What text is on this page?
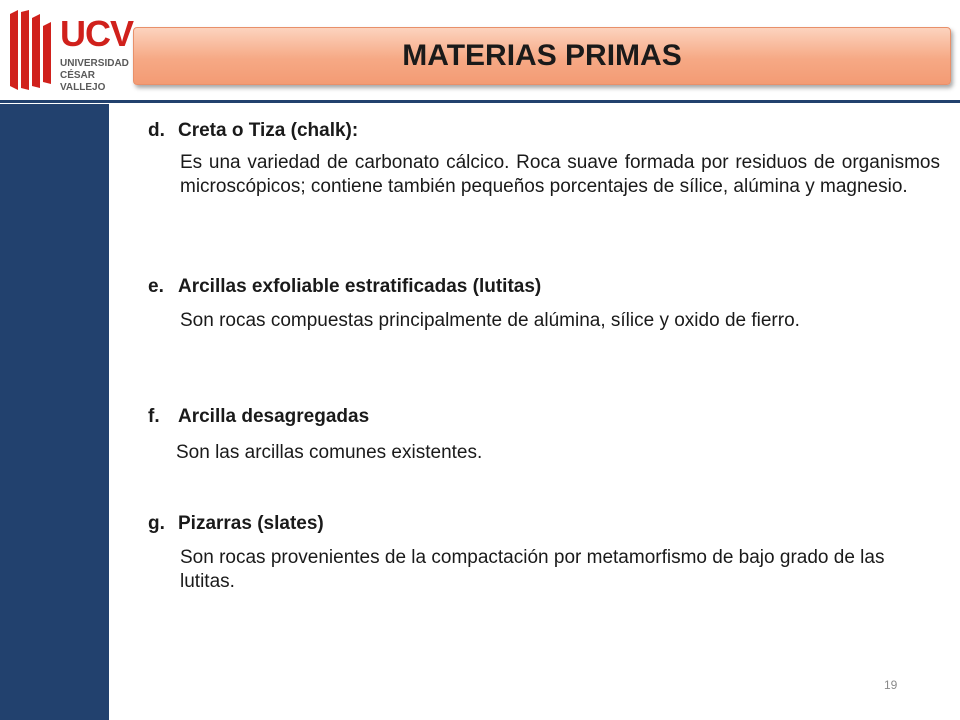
UCV
UNIVERSIDAD
CÉSAR VALLEJO
MATERIAS PRIMAS
d. Creta o Tiza (chalk):
Es una variedad de carbonato cálcico. Roca suave formada por residuos de organismos microscópicos; contiene también pequeños porcentajes de sílice, alúmina y magnesio.
e. Arcillas exfoliable estratificadas (lutitas)
Son rocas compuestas principalmente de alúmina, sílice y oxido de fierro.
f. Arcilla desagregadas
Son las arcillas comunes existentes.
g. Pizarras (slates)
Son rocas provenientes de la compactación por metamorfismo de bajo grado de las lutitas.
19
